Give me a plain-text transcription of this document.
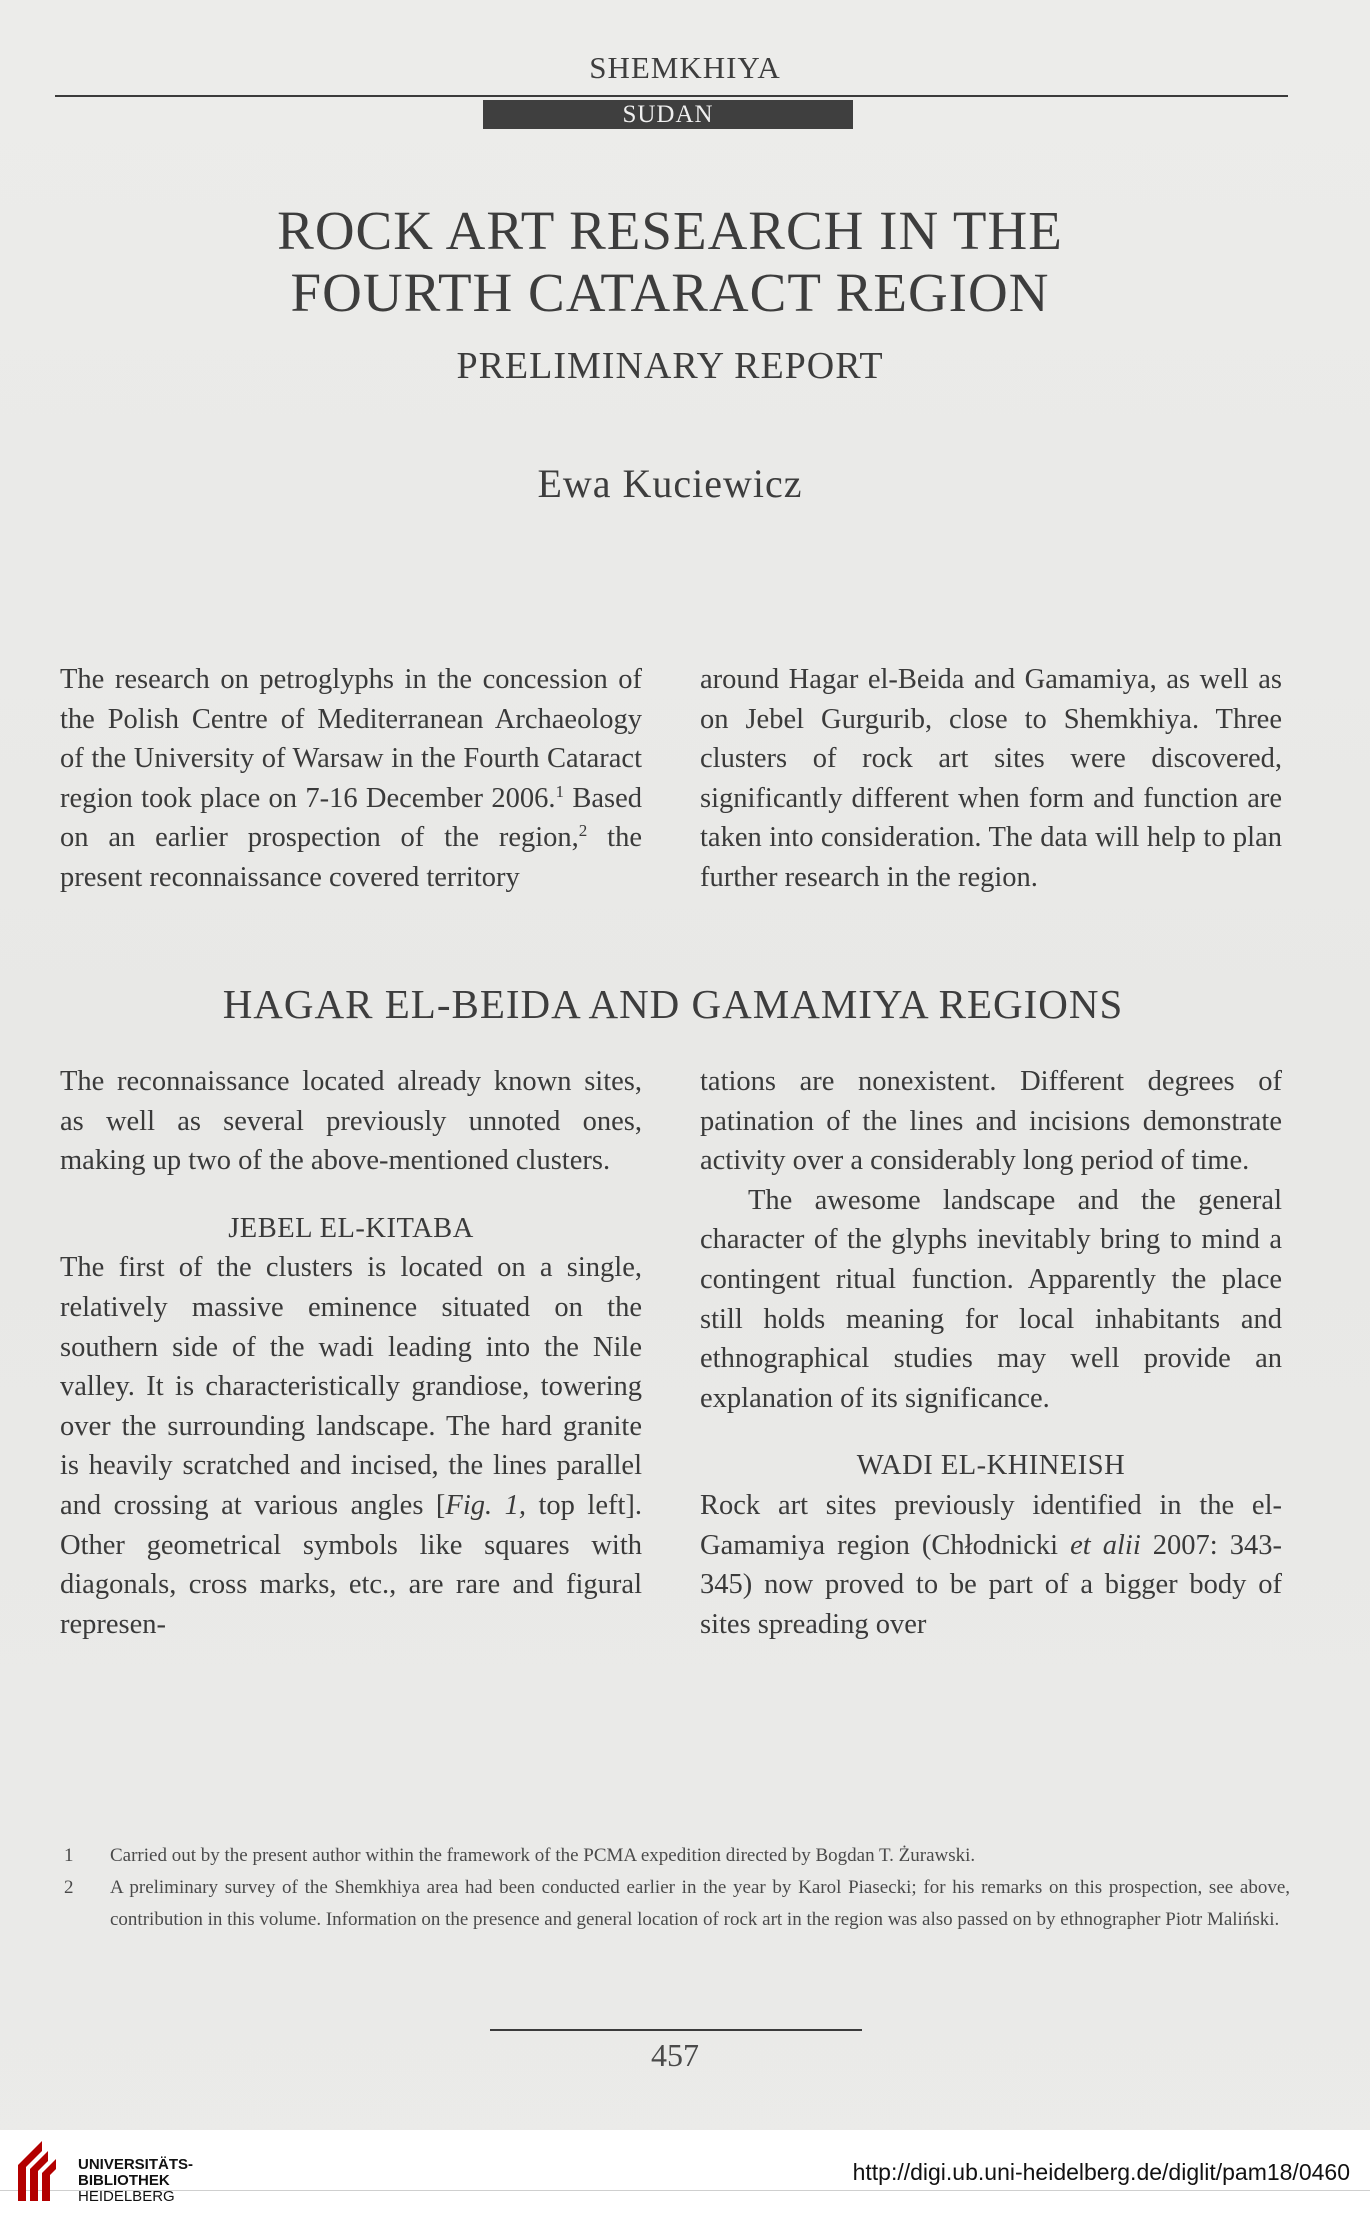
SHEMKHIYA
SUDAN
ROCK ART RESEARCH IN THE
FOURTH CATARACT REGION
PRELIMINARY REPORT
Ewa Kuciewicz

The research on petroglyphs in the concession of the Polish Centre of Mediterranean Archaeology of the University of Warsaw in the Fourth Cataract region took place on 7-16 December 2006.$^1$ Based on an earlier prospection of the region,$^2$ the present reconnaissance covered territory

around Hagar el-Beida and Gamamiya, as well as on Jebel Gurgurib, close to Shemkhiya. Three clusters of rock art sites were discovered, significantly different when form and function are taken into consideration. The data will help to plan further research in the region.

HAGAR EL-BEIDA AND GAMAMIYA REGIONS

The reconnaissance located already known sites, as well as several previously unnoted ones, making up two of the above-mentioned clusters.

JEBEL EL-KITABA

The first of the clusters is located on a single, relatively massive eminence situated on the southern side of the wadi leading into the Nile valley. It is characteristically grandiose, towering over the surrounding landscape. The hard granite is heavily scratched and incised, the lines parallel and crossing at various angles [Fig. 1, top left]. Other geometrical symbols like squares with diagonals, cross marks, etc., are rare and figural represen-

tations are nonexistent. Different degrees of patination of the lines and incisions demonstrate activity over a considerably long period of time.

The awesome landscape and the general character of the glyphs inevitably bring to mind a contingent ritual function. Apparently the place still holds meaning for local inhabitants and ethnographical studies may well provide an explanation of its significance.

WADI EL-KHINEISH

Rock art sites previously identified in the el-Gamamiya region (Chłodnicki et alii 2007: 343-345) now proved to be part of a bigger body of sites spreading over

1 Carried out by the present author within the framework of the PCMA expedition directed by Bogdan T. Żurawski.
2 A preliminary survey of the Shemkhiya area had been conducted earlier in the year by Karol Piasecki; for his remarks on this prospection, see above, contribution in this volume. Information on the presence and general location of rock art in the region was also passed on by ethnographer Piotr Maliński.
457
UNIVERSITÄTS-
BIBLIOTHEK
HEIDELBERG
http://digi.ub.uni-heidelberg.de/diglit/pam18/0460
